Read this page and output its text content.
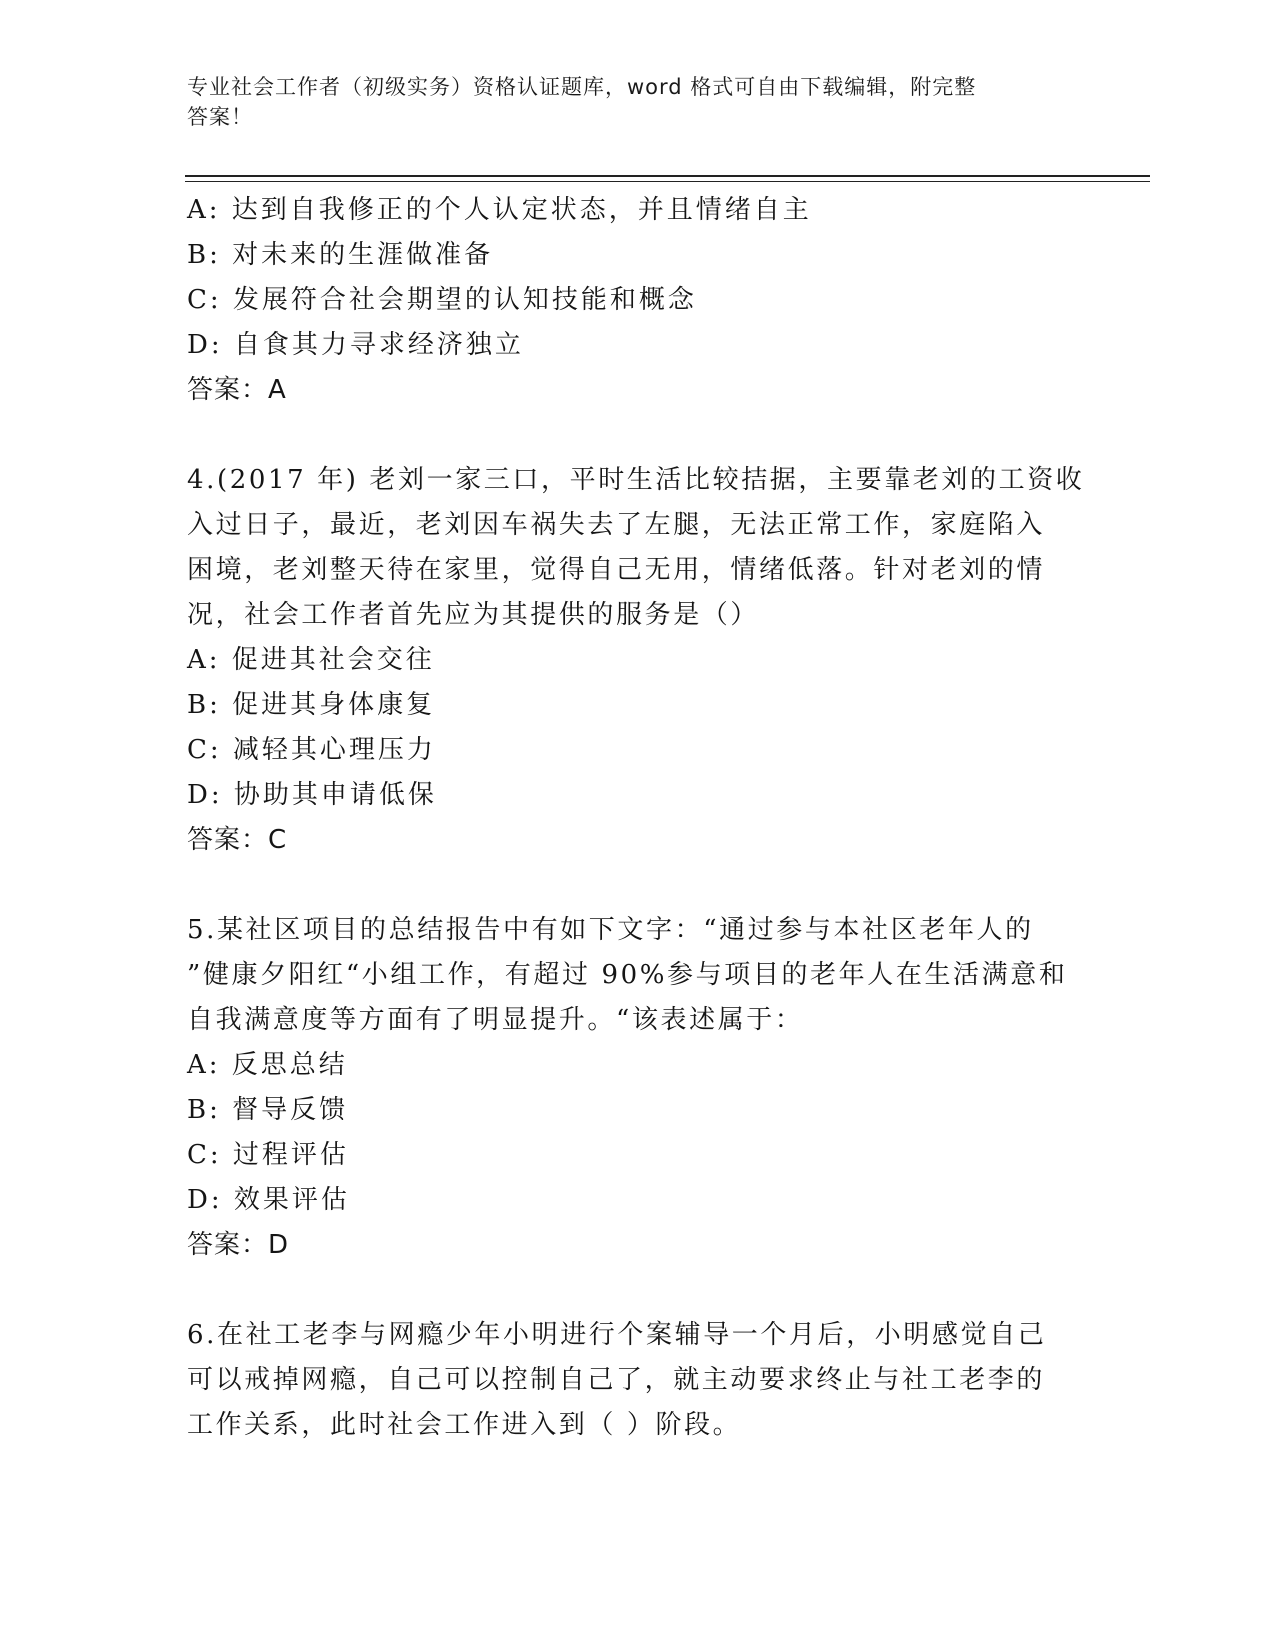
专业社会工作者（初级实务）资格认证题库，word 格式可自由下载编辑，附完整
答案！
A: 达到自我修正的个人认定状态，并且情绪自主
B: 对未来的生涯做准备
C: 发展符合社会期望的认知技能和概念
D: 自食其力寻求经济独立
答案：A
4.(2017 年) 老刘一家三口，平时生活比较拮据，主要靠老刘的工资收
入过日子，最近，老刘因车祸失去了左腿，无法正常工作，家庭陷入
困境，老刘整天待在家里，觉得自己无用，情绪低落。针对老刘的情
况，社会工作者首先应为其提供的服务是（）
A: 促进其社会交往
B: 促进其身体康复
C: 减轻其心理压力
D: 协助其申请低保
答案：C
5.某社区项目的总结报告中有如下文字：“通过参与本社区老年人的
”健康夕阳红“小组工作，有超过 90%参与项目的老年人在生活满意和
自我满意度等方面有了明显提升。“该表述属于：
A: 反思总结
B: 督导反馈
C: 过程评估
D: 效果评估
答案：D
6.在社工老李与网瘾少年小明进行个案辅导一个月后，小明感觉自己
可以戒掉网瘾，自己可以控制自己了，就主动要求终止与社工老李的
工作关系，此时社会工作进入到（ ）阶段。
